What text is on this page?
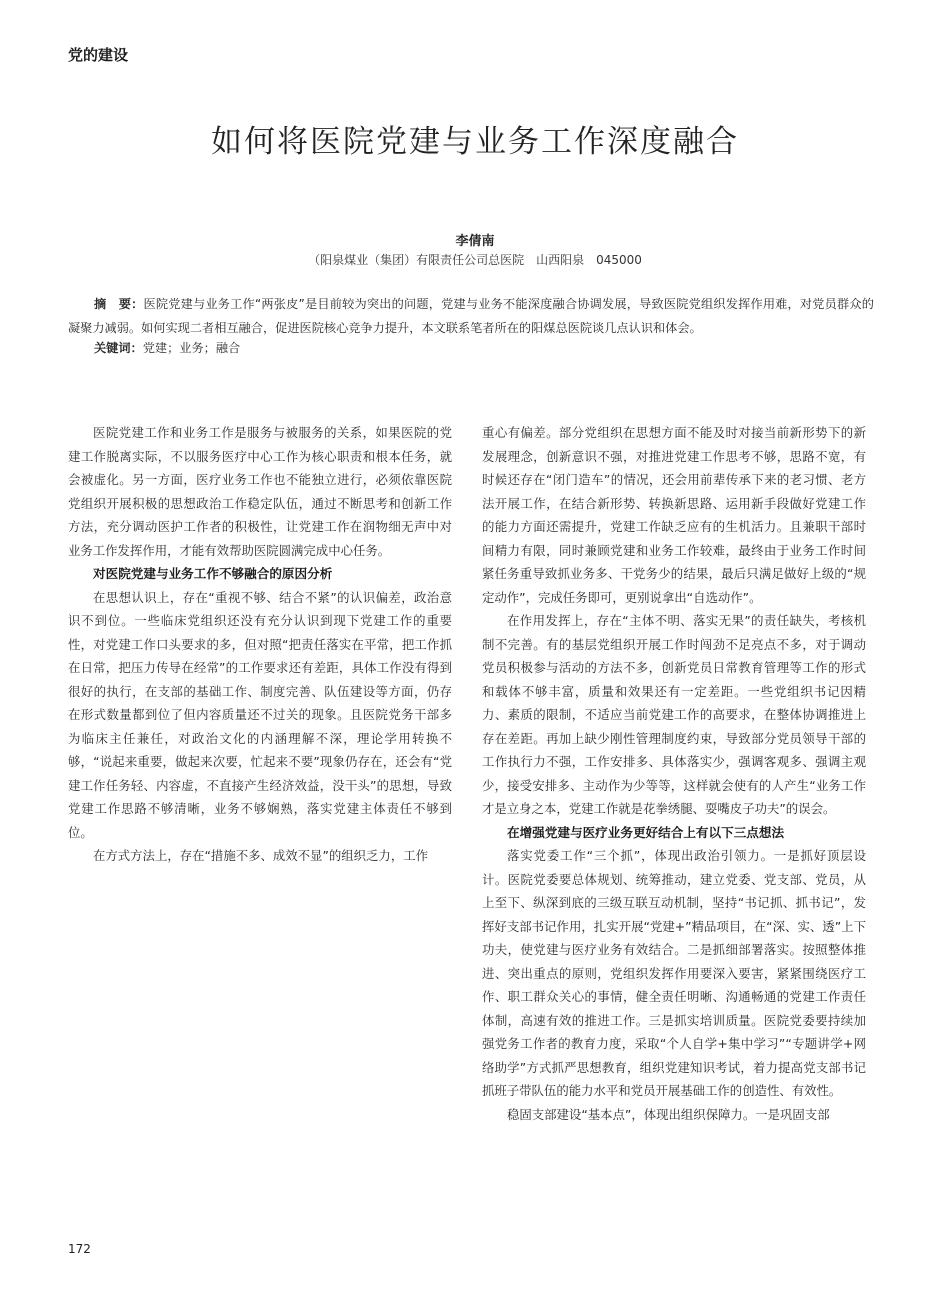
党的建设
如何将医院党建与业务工作深度融合
李倩南
（阳泉煤业（集团）有限责任公司总医院　山西阳泉　045000

摘　要：医院党建与业务工作“两张皮”是目前较为突出的问题，党建与业务不能深度融合协调发展，导致医院党组织发挥作用难，对党员群众的凝聚力减弱。如何实现二者相互融合，促进医院核心竞争力提升，本文联系笔者所在的阳煤总医院谈几点认识和体会。

关键词：党建；业务；融合

医院党建工作和业务工作是服务与被服务的关系，如果医院的党建工作脱离实际，不以服务医疗中心工作为核心职责和根本任务，就会被虚化。另一方面，医疗业务工作也不能独立进行，必须依靠医院党组织开展积极的思想政治工作稳定队伍，通过不断思考和创新工作方法，充分调动医护工作者的积极性，让党建工作在润物细无声中对业务工作发挥作用，才能有效帮助医院圆满完成中心任务。

对医院党建与业务工作不够融合的原因分析

在思想认识上，存在“重视不够、结合不紧”的认识偏差，政治意识不到位。一些临床党组织还没有充分认识到现下党建工作的重要性，对党建工作口头要求的多，但对照“把责任落实在平常，把工作抓在日常，把压力传导在经常”的工作要求还有差距，具体工作没有得到很好的执行，在支部的基础工作、制度完善、队伍建设等方面，仍存在形式数量都到位了但内容质量还不过关的现象。且医院党务干部多为临床主任兼任，对政治文化的内涵理解不深，理论学用转换不够，“说起来重要，做起来次要，忙起来不要”现象仍存在，还会有“党建工作任务轻、内容虚，不直接产生经济效益，没干头”的思想，导致党建工作思路不够清晰，业务不够娴熟，落实党建主体责任不够到位。

在方式方法上，存在“措施不多、成效不显”的组织乏力，工作

重心有偏差。部分党组织在思想方面不能及时对接当前新形势下的新发展理念，创新意识不强，对推进党建工作思考不够，思路不宽，有时候还存在“闭门造车”的情况，还会用前辈传承下来的老习惯、老方法开展工作，在结合新形势、转换新思路、运用新手段做好党建工作的能力方面还需提升，党建工作缺乏应有的生机活力。且兼职干部时间精力有限，同时兼顾党建和业务工作较难，最终由于业务工作时间紧任务重导致抓业务多、干党务少的结果，最后只满足做好上级的“规定动作”，完成任务即可，更别说拿出“自选动作”。

在作用发挥上，存在“主体不明、落实无果”的责任缺失，考核机制不完善。有的基层党组织开展工作时闯劲不足亮点不多，对于调动党员积极参与活动的方法不多，创新党员日常教育管理等工作的形式和载体不够丰富，质量和效果还有一定差距。一些党组织书记因精力、素质的限制，不适应当前党建工作的高要求，在整体协调推进上存在差距。再加上缺少刚性管理制度约束，导致部分党员领导干部的工作执行力不强，工作安排多、具体落实少，强调客观多、强调主观少，接受安排多、主动作为少等等，这样就会使有的人产生“业务工作才是立身之本，党建工作就是花拳绣腿、耍嘴皮子功夫”的误会。

在增强党建与医疗业务更好结合上有以下三点想法

落实党委工作“三个抓”，体现出政治引领力。一是抓好顶层设计。医院党委要总体规划、统筹推动，建立党委、党支部、党员，从上至下、纵深到底的三级互联互动机制，坚持“书记抓、抓书记”，发挥好支部书记作用，扎实开展“党建+”精品项目，在“深、实、透”上下功夫，使党建与医疗业务有效结合。二是抓细部署落实。按照整体推进、突出重点的原则，党组织发挥作用要深入要害，紧紧围绕医疗工作、职工群众关心的事情，健全责任明晰、沟通畅通的党建工作责任体制，高速有效的推进工作。三是抓实培训质量。医院党委要持续加强党务工作者的教育力度，采取“个人自学+集中学习”“专题讲学+网络助学”方式抓严思想教育，组织党建知识考试，着力提高党支部书记抓班子带队伍的能力水平和党员开展基础工作的创造性、有效性。

稳固支部建设“基本点”，体现出组织保障力。一是巩固支部

172
